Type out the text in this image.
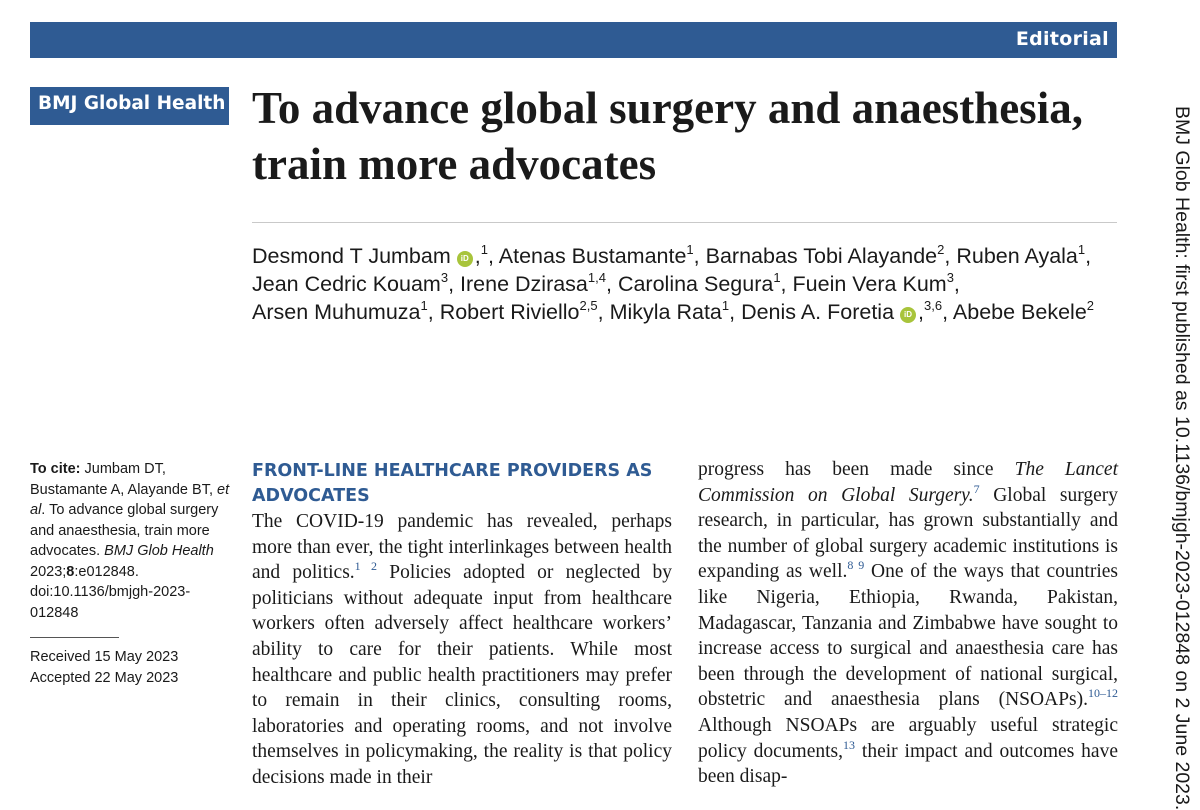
Editorial
BMJ Global Health To advance global surgery and anaesthesia, train more advocates
Desmond T Jumbam iD ,$^1$, Atenas Bustamante$^1$, Barnabas Tobi Alayande$^2$, Ruben Ayala$^1$, Jean Cedric Kouam$^3$, Irene Dzirasa$^{1,4}$, Carolina Segura$^1$, Fuein Vera Kum$^3$, Arsen Muhumuza$^1$, Robert Riviello$^{2,5}$, Mikyla Rata$^1$, Denis A. Foretia iD ,$^{3,6}$, Abebe Bekele$^2$	BMJ Glob Health: first published as 10.1136/bmjgh-2023-012848 on 2 June 2023.
To cite: Jumbam DT, Bustamante A, Alayande BT, et al. To advance global surgery and anaesthesia, train more advocates. BMJ Glob Health 2023;8:e012848. doi:10.1136/bmjgh-2023-012848
Received 15 May 2023
Accepted 22 May 2023
FRONT-LINE HEALTHCARE PROVIDERS AS ADVOCATES

The COVID-19 pandemic has revealed, perhaps more than ever, the tight interlinkages between health and politics.$^{1 2}$ Policies adopted or neglected by politicians without adequate input from healthcare workers often adversely affect healthcare workers’ ability to care for their patients. While most healthcare and public health practitioners may prefer to remain in their clinics, consulting rooms, laboratories and operating rooms, and not involve themselves in policymaking, the reality is that policy decisions made in their

progress has been made since The Lancet Commission on Global Surgery.$^7$ Global surgery research, in particular, has grown substantially and the number of global surgery academic institutions is expanding as well.$^{8 9}$ One of the ways that countries like Nigeria, Ethiopia, Rwanda, Pakistan, Madagascar, Tanzania and Zimbabwe have sought to increase access to surgical and anaesthesia care has been through the development of national surgical, obstetric and anaesthesia plans (NSOAPs).$^{10-12}$ Although NSOAPs are arguably useful strategic policy documents,$^{13}$ their impact and outcomes have been disap-
